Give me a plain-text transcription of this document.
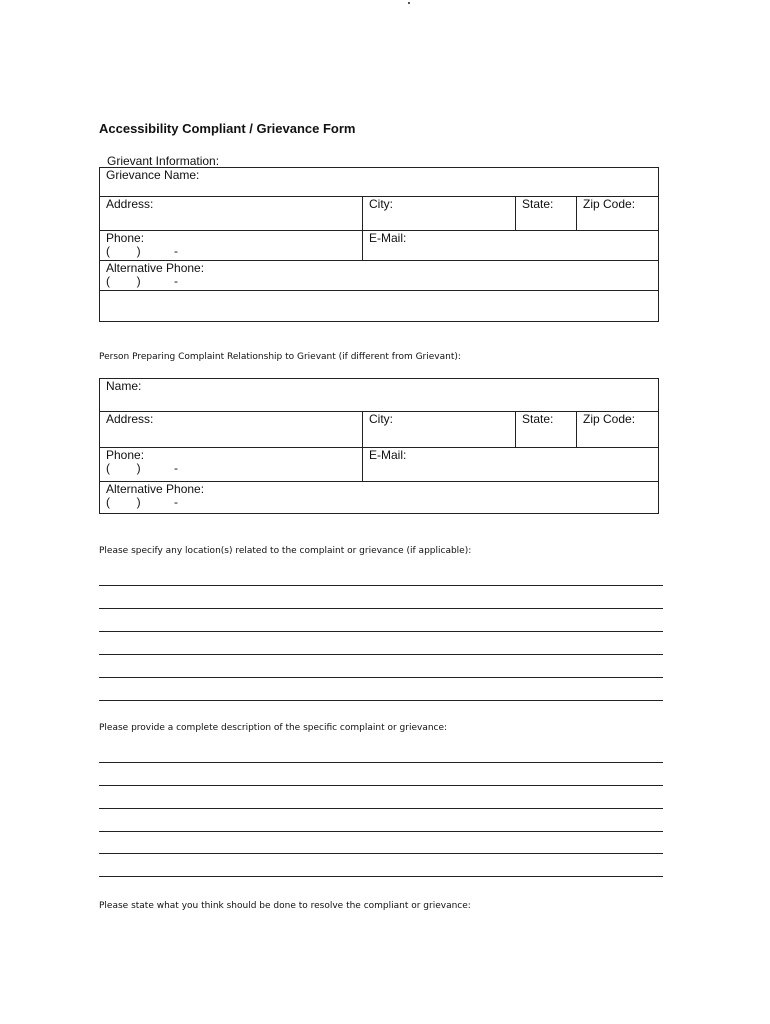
Accessibility Compliant / Grievance Form
Grievant Information:
Grievance Name:			
Address:	City:	State:	Zip Code:

Phone:
(        )          -	E-Mail:		

Alternative Phone:
(        )          -			

Person Preparing Complaint Relationship to Grievant (if different from Grievant):
Name:			
Address:	City:	State:	Zip Code:

Phone:
(        )          -	E-Mail:		

Alternative Phone:
(        )          -			
Please specify any location(s) related to the complaint or grievance (if applicable):
Please provide a complete description of the specific complaint or grievance:
Please state what you think should be done to resolve the compliant or grievance:
